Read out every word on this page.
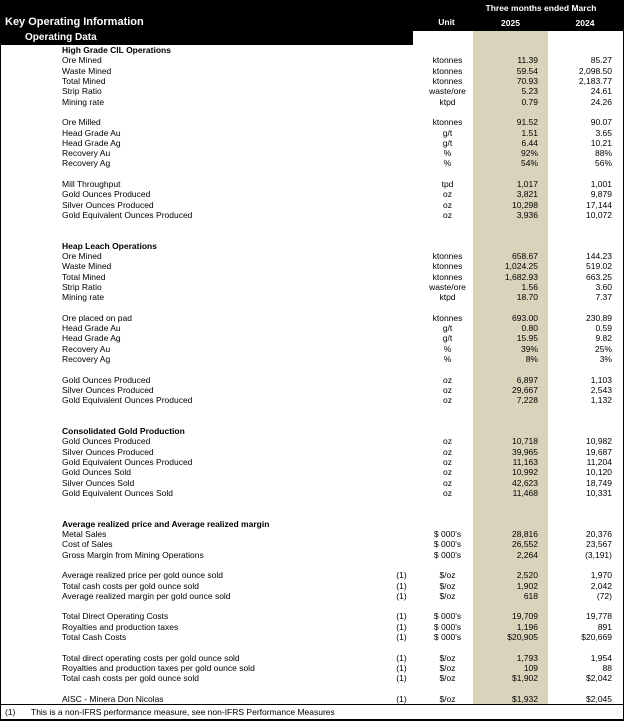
Three months ended March
Key Operating Information	Unit	2025	2024
Operating Data
High Grade CIL Operations
Ore Mined	ktonnes	11.39	85.27
Waste Mined	ktonnes	59.54	2,098.50
Total Mined	ktonnes	70.93	2,183.77
Strip Ratio	waste/ore	5.23	24.61
Mining rate	ktpd	0.79	24.26
Ore Milled	ktonnes	91.52	90.07
Head Grade Au	g/t	1.51	3.65
Head Grade Ag	g/t	6.44	10.21
Recovery Au	%	92%	88%
Recovery Ag	%	54%	56%
Mill Throughput	tpd	1,017	1,001
Gold Ounces Produced	oz	3,821	9,879
Silver Ounces Produced	oz	10,298	17,144
Gold Equivalent Ounces Produced	oz	3,936	10,072
Heap Leach Operations
Ore Mined	ktonnes	658.67	144.23
Waste Mined	ktonnes	1,024.25	519.02
Total Mined	ktonnes	1,682.93	663.25
Strip Ratio	waste/ore	1.56	3.60
Mining rate	ktpd	18.70	7.37
Ore placed on pad	ktonnes	693.00	230.89
Head Grade Au	g/t	0.80	0.59
Head Grade Ag	g/t	15.95	9.82
Recovery Au	%	39%	25%
Recovery Ag	%	8%	3%
Gold Ounces Produced	oz	6,897	1,103
Silver Ounces Produced	oz	29,667	2,543
Gold Equivalent Ounces Produced	oz	7,228	1,132
Consolidated Gold Production
Gold Ounces Produced	oz	10,718	10,982
Silver Ounces Produced	oz	39,965	19,687
Gold Equivalent Ounces Produced	oz	11,163	11,204
Gold Ounces Sold	oz	10,992	10,120
Silver Ounces Sold	oz	42,623	18,749
Gold Equivalent Ounces Sold	oz	11,468	10,331
Average realized price and Average realized margin
Metal Sales	$ 000's	28,816	20,376
Cost of Sales	$ 000's	26,552	23,567
Gross Margin from Mining Operations	$ 000's	2,264	(3,191)
Average realized price per gold ounce sold	(1)	$/oz	2,520	1,970
Total cash costs per gold ounce sold	(1)	$/oz	1,902	2,042
Average realized margin per gold ounce sold	(1)	$/oz	618	(72)
Total Direct Operating Costs	(1)	$ 000's	19,709	19,778
Royalties and production taxes	(1)	$ 000's	1,196	891
Total Cash Costs	(1)	$ 000's	$20,905	$20,669
Total direct operating costs per gold ounce sold	(1)	$/oz	1,793	1,954
Royalties and production taxes per gold ounce sold	(1)	$/oz	109	88
Total cash costs per gold ounce sold	(1)	$/oz	$1,902	$2,042
AISC - Minera Don Nicolas	(1)	$/oz	$1,932	$2,045
(1) This is a non-IFRS performance measure, see non-IFRS Performance Measures
